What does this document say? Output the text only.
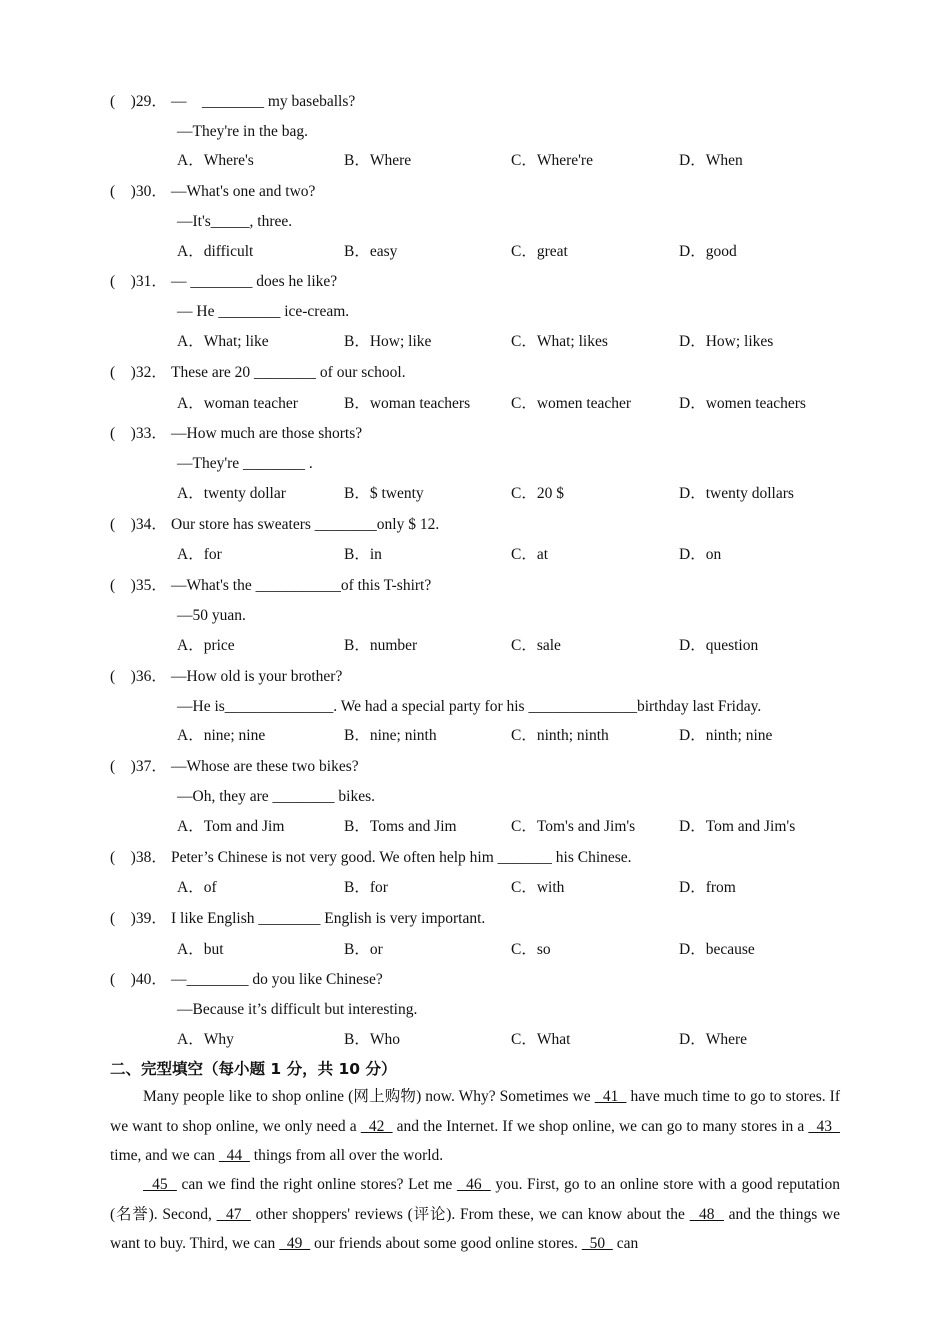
(　)29． —　________ my baseballs?
—They're in the bag.
A．Where's	B．Where	C．Where're	D．When
(　)30． —What's one and two?
—It's_____, three.
A．difficult	B．easy	C．great	D．good
(　)31． — ________ does he like?
— He ________ ice-cream.
A．What; like	B．How; like	C．What; likes	D．How; likes
(　)32． These are 20 ________ of our school.
A．woman teacher	B．woman teachers	C．women teacher	D．women teachers
(　)33． —How much are those shorts?
—They're ________ .
A．twenty dollar	B．$ twenty	C．20 $	D．twenty dollars
(　)34． Our store has sweaters ________only $ 12.
A．for	B．in	C．at	D．on
(　)35． —What's the ___________of this T-shirt?
—50 yuan.
A．price	B．number	C．sale	D．question
(　)36． —How old is your brother?
—He is______________. We had a special party for his ______________birthday last Friday.
A．nine; nine	B．nine; ninth	C．ninth; ninth	D．ninth; nine
(　)37． —Whose are these two bikes?
—Oh, they are ________ bikes.
A．Tom and Jim	B．Toms and Jim	C．Tom's and Jim's	D．Tom and Jim's
(　)38． Peter’s Chinese is not very good. We often help him _______ his Chinese.
A．of	B．for	C．with	D．from
(　)39． I like English ________ English is very important.
A．but	B．or	C．so	D．because
(　)40． —________ do you like Chinese?
—Because it’s difficult but interesting.
A．Why	B．Who	C．What	D．Where
二、完型填空（每小题 1 分，共 10 分）
Many people like to shop online (网上购物) now. Why? Sometimes we   41   have much time to go to stores. If we want to shop online, we only need a   42   and the Internet. If we shop online, we can go to many stores in a   43   time, and we can   44   things from all over the world.
45   can we find the right online stores? Let me   46   you. First, go to an online store with a good reputation (名誉). Second,   47   other shoppers' reviews (评论). From these, we can know about the   48   and the things we want to buy. Third, we can   49   our friends about some good online stores.   50   can
